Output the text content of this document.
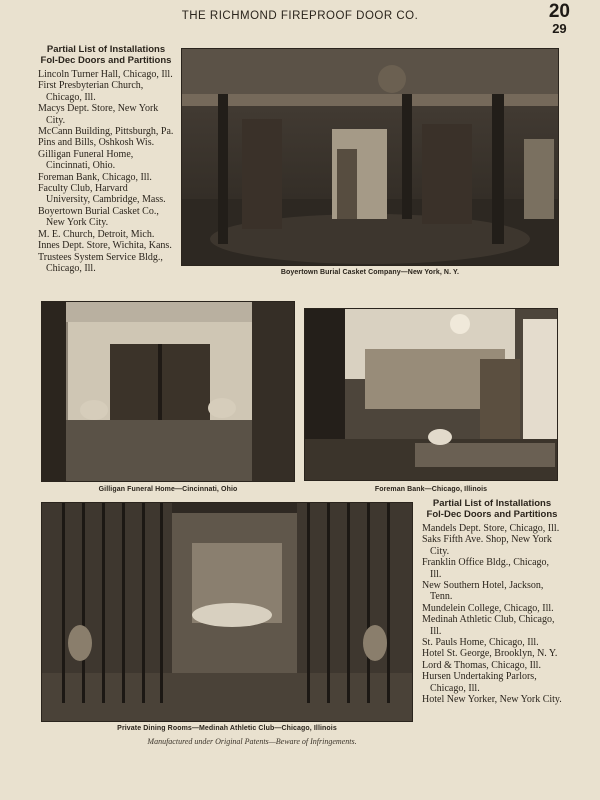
THE RICHMOND FIREPROOF DOOR CO.	20
29
Partial List of Installations
Fol-Dec Doors and Partitions

Lincoln Turner Hall, Chicago, Ill.

First Presbyterian Church, Chicago, Ill.

Macys Dept. Store, New York City.

McCann Building, Pittsburgh, Pa.

Pins and Bills, Oshkosh Wis.

Gilligan Funeral Home, Cincinnati, Ohio.

Foreman Bank, Chicago, Ill.

Faculty Club, Harvard University, Cambridge, Mass.

Boyertown Burial Casket Co., New York City.

M. E. Church, Detroit, Mich.

Innes Dept. Store, Wichita, Kans.

Trustees System Service Bldg., Chicago, Ill.	Boyertown Burial Casket Company—New York, N. Y.
Gilligan Funeral Home—Cincinnati, Ohio	Foreman Bank—Chicago, Illinois
Partial List of Installations
Fol-Dec Doors and Partitions

Mandels Dept. Store, Chicago, Ill.

Saks Fifth Ave. Shop, New York City.

Franklin Office Bldg., Chicago, Ill.

New Southern Hotel, Jackson, Tenn.

Mundelein College, Chicago, Ill.

Medinah Athletic Club, Chicago, Ill.

St. Pauls Home, Chicago, Ill.

Hotel St. George, Brooklyn, N. Y.

Lord & Thomas, Chicago, Ill.

Hursen Undertaking Parlors, Chicago, Ill.

Hotel New Yorker, New York City.

Private Dining Rooms—Medinah Athletic Club—Chicago, Illinois
Manufactured under Original Patents—Beware of Infringements.
